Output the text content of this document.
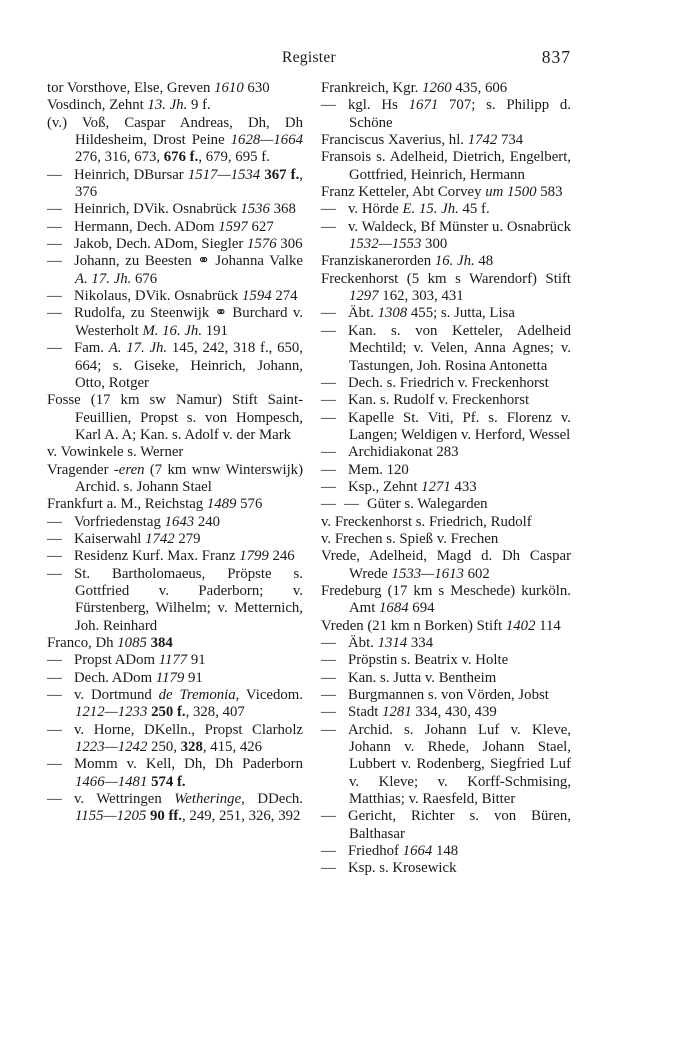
Register	837

tor Vorsthove, Else, Greven 1610 630

Vosdinch, Zehnt 13. Jh. 9 f.

(v.) Voß, Caspar Andreas, Dh, Dh Hildesheim, Drost Peine 1628—1664 276, 316, 673, 676 f., 679, 695 f.

— Heinrich, DBursar 1517—1534 367 f., 376

— Heinrich, DVik. Osnabrück 1536 368

— Hermann, Dech. ADom 1597 627

— Jakob, Dech. ADom, Siegler 1576 306

— Johann, zu Beesten ⚭ Johanna Valke A. 17. Jh. 676

— Nikolaus, DVik. Osnabrück 1594 274

— Rudolfa, zu Steenwijk ⚭ Burchard v. Westerholt M. 16. Jh. 191

— Fam. A. 17. Jh. 145, 242, 318 f., 650, 664; s. Giseke, Heinrich, Johann, Otto, Rotger

Fosse (17 km sw Namur) Stift Saint-Feuillien, Propst s. von Hompesch, Karl A. A; Kan. s. Adolf v. der Mark

v. Vowinkele s. Werner

Vragender -eren (7 km wnw Winterswijk) Archid. s. Johann Stael

Frankfurt a. M., Reichstag 1489 576

— Vorfriedenstag 1643 240

— Kaiserwahl 1742 279

— Residenz Kurf. Max. Franz 1799 246

— St. Bartholomaeus, Pröpste s. Gottfried v. Paderborn; v. Fürstenberg, Wilhelm; v. Metternich, Joh. Reinhard

Franco, Dh 1085 384

— Propst ADom 1177 91

— Dech. ADom 1179 91

— v. Dortmund de Tremonia, Vicedom. 1212—1233 250 f., 328, 407

— v. Horne, DKelln., Propst Clarholz 1223—1242 250, 328, 415, 426

— Momm v. Kell, Dh, Dh Paderborn 1466—1481 574 f.

— v. Wettringen Wetheringe, DDech. 1155—1205 90 ff., 249, 251, 326, 392

Frankreich, Kgr. 1260 435, 606

— kgl. Hs 1671 707; s. Philipp d. Schöne

Franciscus Xaverius, hl. 1742 734

Fransois s. Adelheid, Dietrich, Engelbert, Gottfried, Heinrich, Hermann

Franz Ketteler, Abt Corvey um 1500 583

— v. Hörde E. 15. Jh. 45 f.

— v. Waldeck, Bf Münster u. Osnabrück 1532—1553 300

Franziskanerorden 16. Jh. 48

Freckenhorst (5 km s Warendorf) Stift 1297 162, 303, 431

— Äbt. 1308 455; s. Jutta, Lisa

— Kan. s. von Ketteler, Adelheid Mechtild; v. Velen, Anna Agnes; v. Tastungen, Joh. Rosina Antonetta

— Dech. s. Friedrich v. Freckenhorst

— Kan. s. Rudolf v. Freckenhorst

— Kapelle St. Viti, Pf. s. Florenz v. Langen; Weldigen v. Herford, Wessel

— Archidiakonat 283

— Mem. 120

— Ksp., Zehnt 1271 433

— — Güter s. Walegarden

v. Freckenhorst s. Friedrich, Rudolf

v. Frechen s. Spieß v. Frechen

Vrede, Adelheid, Magd d. Dh Caspar Wrede 1533—1613 602

Fredeburg (17 km s Meschede) kurköln. Amt 1684 694

Vreden (21 km n Borken) Stift 1402 114

— Äbt. 1314 334

— Pröpstin s. Beatrix v. Holte

— Kan. s. Jutta v. Bentheim

— Burgmannen s. von Vörden, Jobst

— Stadt 1281 334, 430, 439

— Archid. s. Johann Luf v. Kleve, Johann v. Rhede, Johann Stael, Lubbert v. Rodenberg, Siegfried Luf v. Kleve; v. Korff-Schmising, Matthias; v. Raesfeld, Bitter

— Gericht, Richter s. von Büren, Balthasar

— Friedhof 1664 148

— Ksp. s. Krosewick
